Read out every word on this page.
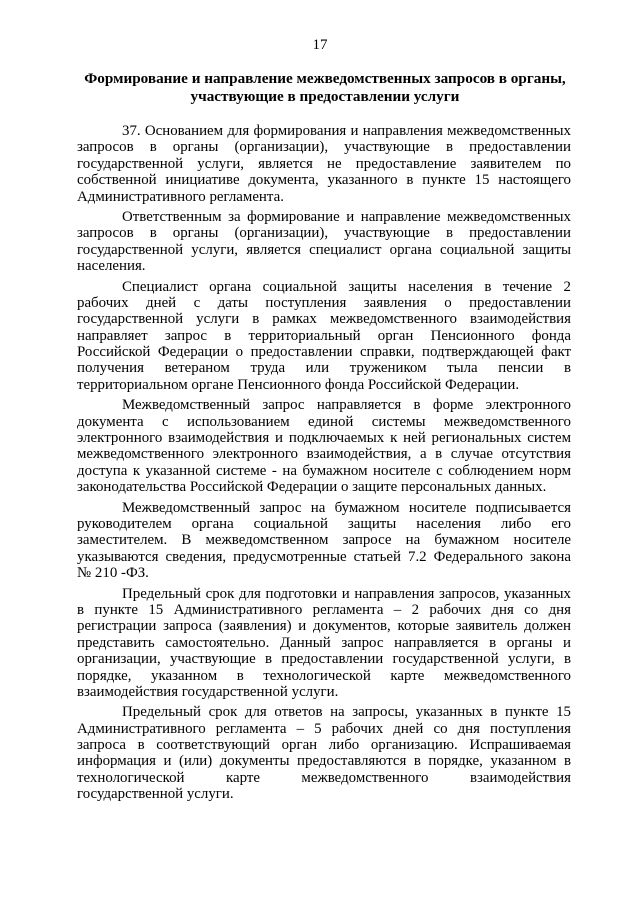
17
Формирование и направление межведомственных запросов в органы,
участвующие в предоставлении услуги
37. Основанием для формирования и направления межведомственных
запросов в органы (организации), участвующие в предоставлении
государственной услуги, является не предоставление заявителем по
собственной инициативе документа, указанного в пункте 15 настоящего
Административного регламента.
Ответственным за формирование и направление межведомственных
запросов в органы (организации), участвующие в предоставлении
государственной услуги, является специалист органа социальной защиты
населения.
Специалист органа социальной защиты населения в течение 2
рабочих дней с даты поступления заявления о предоставлении
государственной услуги в рамках межведомственного взаимодействия
направляет запрос в территориальный орган Пенсионного фонда
Российской Федерации о предоставлении справки, подтверждающей факт
получения ветераном труда или тружеником тыла пенсии в
территориальном органе Пенсионного фонда Российской Федерации.
Межведомственный запрос направляется в форме электронного
документа с использованием единой системы межведомственного
электронного взаимодействия и подключаемых к ней региональных систем
межведомственного электронного взаимодействия, а в случае отсутствия
доступа к указанной системе - на бумажном носителе с соблюдением норм
законодательства Российской Федерации о защите персональных данных.
Межведомственный запрос на бумажном носителе подписывается
руководителем органа социальной защиты населения либо его
заместителем. В межведомственном запросе на бумажном носителе
указываются сведения, предусмотренные статьей 7.2 Федерального закона
№ 210 -ФЗ.
Предельный срок для подготовки и направления запросов, указанных
в пункте 15 Административного регламента – 2 рабочих дня со дня
регистрации запроса (заявления) и документов, которые заявитель должен
представить самостоятельно. Данный запрос направляется в органы и
организации, участвующие в предоставлении государственной услуги, в
порядке, указанном в технологической карте межведомственного
взаимодействия государственной услуги.
Предельный срок для ответов на запросы, указанных в пункте 15
Административного регламента – 5 рабочих дней со дня поступления
запроса в соответствующий орган либо организацию. Испрашиваемая
информация и (или) документы предоставляются в порядке, указанном в
технологической карте межведомственного взаимодействия
государственной услуги.
